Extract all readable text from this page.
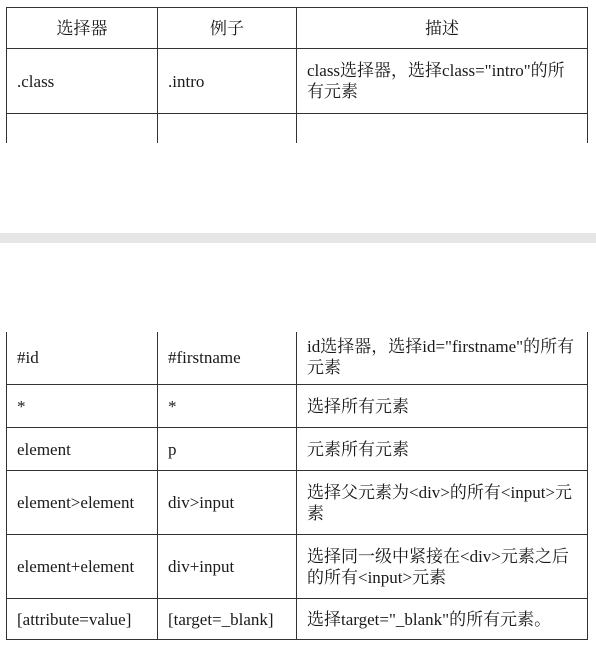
选择器	例子	描述
.class	.intro	class选择器，选择class="intro"的所有元素

#id	#firstname	id选择器，选择id="firstname"的所有元素
*	*	选择所有元素
element	p	元素所有元素
element>element	div>input	选择父元素为<div>的所有<input>元素
element+element	div+input	选择同一级中紧接在<div>元素之后的所有<input>元素
[attribute=value]	[target=_blank]	选择target="_blank"的所有元素。
